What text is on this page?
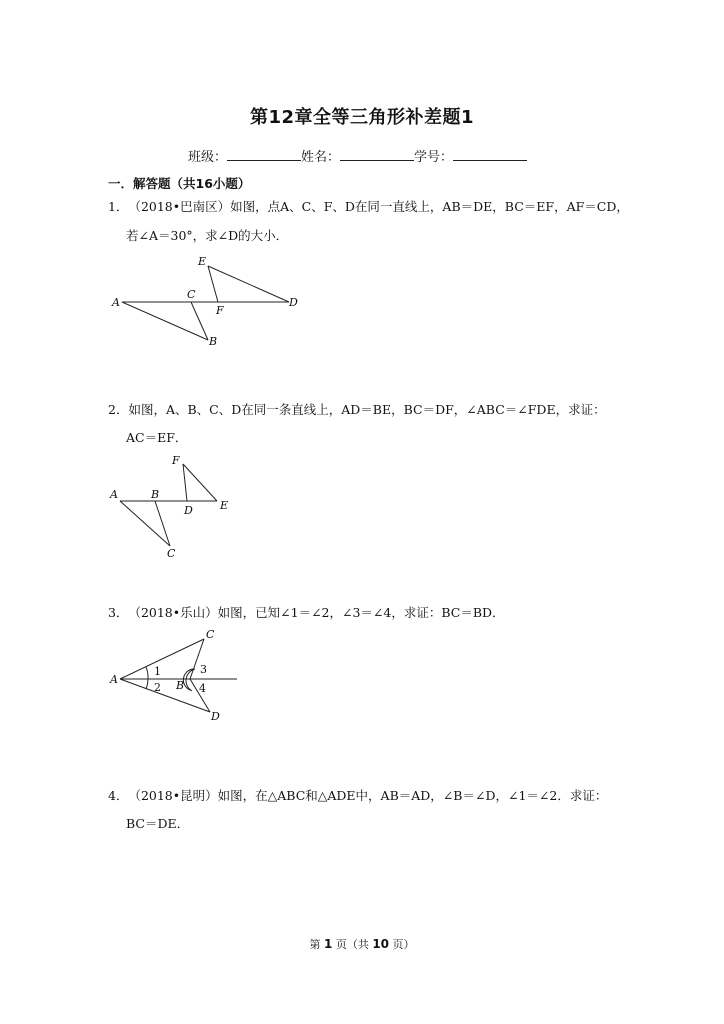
第12章全等三角形补差题1
班级：	姓名：	学号：
一．解答题（共16小题）
1．（2018•巴南区）如图，点A、C、F、D在同一直线上，AB＝DE，BC＝EF，AF＝CD，
若∠A＝30°，求∠D的大小．
E
A
C
F
D
B
2．如图，A、B、C、D在同一条直线上，AD＝BE，BC＝DF，∠ABC＝∠FDE，求证：
AC＝EF．
F
A	B
D E
C
3．（2018•乐山）如图，已知∠1＝∠2，∠3＝∠4，求证：BC＝BD．
C
A
1
2 B
3
4
D
4．（2018•昆明）如图，在△ABC和△ADE中，AB＝AD，∠B＝∠D，∠1＝∠2．求证：
BC＝DE．
第 1 页（共 10 页）
